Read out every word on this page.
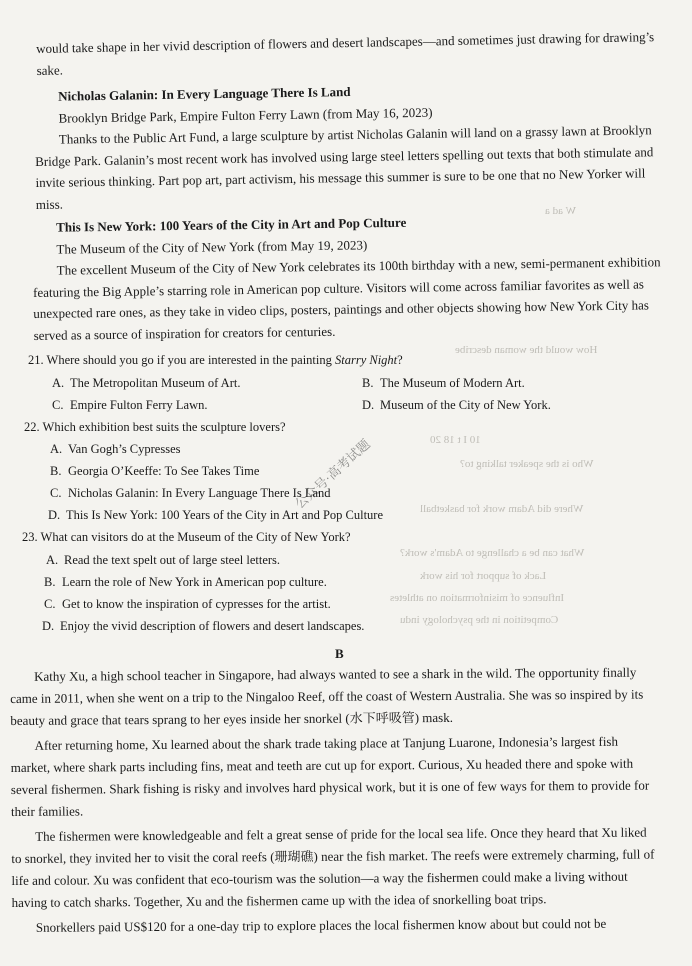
W ad a
How would the woman describe
10 I t 18 20
Who is the speaker talking to?
Where did Adam work for basketball
What can be a challenge to Adam's work?
Lack of support for his work
Influence of misinformation on athletes
Competition in the psychology indu

would take shape in her vivid description of flowers and desert landscapes—and sometimes just drawing for drawing’s sake.

Nicholas Galanin: In Every Language There Is Land

Brooklyn Bridge Park, Empire Fulton Ferry Lawn (from May 16, 2023)

Thanks to the Public Art Fund, a large sculpture by artist Nicholas Galanin will land on a grassy lawn at Brooklyn Bridge Park. Galanin’s most recent work has involved using large steel letters spelling out texts that both stimulate and invite serious thinking. Part pop art, part activism, his message this summer is sure to be one that no New Yorker will miss.

This Is New York: 100 Years of the City in Art and Pop Culture

The Museum of the City of New York (from May 19, 2023)

The excellent Museum of the City of New York celebrates its 100th birthday with a new, semi-permanent exhibition featuring the Big Apple’s starring role in American pop culture. Visitors will come across familiar favorites as well as unexpected rare ones, as they take in video clips, posters, paintings and other objects showing how New York City has served as a source of inspiration for creators for centuries.

21. Where should you go if you are interested in the painting Starry Night?
A. The Metropolitan Museum of Art.	B. The Museum of Modern Art.
C. Empire Fulton Ferry Lawn.	D. Museum of the City of New York.
22. Which exhibition best suits the sculpture lovers?
A. Van Gogh’s Cypresses
B. Georgia O’Keeffe: To See Takes Time
C. Nicholas Galanin: In Every Language There Is Land
D. This Is New York: 100 Years of the City in Art and Pop Culture
23. What can visitors do at the Museum of the City of New York?
A. Read the text spelt out of large steel letters.
B. Learn the role of New York in American pop culture.
C. Get to know the inspiration of cypresses for the artist.
D. Enjoy the vivid description of flowers and desert landscapes.
公众号·高考试题
B

Kathy Xu, a high school teacher in Singapore, had always wanted to see a shark in the wild. The opportunity finally came in 2011, when she went on a trip to the Ningaloo Reef, off the coast of Western Australia. She was so inspired by its beauty and grace that tears sprang to her eyes inside her snorkel (水下呼吸管) mask.

After returning home, Xu learned about the shark trade taking place at Tanjung Luarone, Indonesia’s largest fish market, where shark parts including fins, meat and teeth are cut up for export. Curious, Xu headed there and spoke with several fishermen. Shark fishing is risky and involves hard physical work, but it is one of few ways for them to provide for their families.

The fishermen were knowledgeable and felt a great sense of pride for the local sea life. Once they heard that Xu liked to snorkel, they invited her to visit the coral reefs (珊瑚礁) near the fish market. The reefs were extremely charming, full of life and colour. Xu was confident that eco-tourism was the solution—a way the fishermen could make a living without having to catch sharks. Together, Xu and the fishermen came up with the idea of snorkelling boat trips.

Snorkellers paid US$120 for a one-day trip to explore places the local fishermen know about but could not be
